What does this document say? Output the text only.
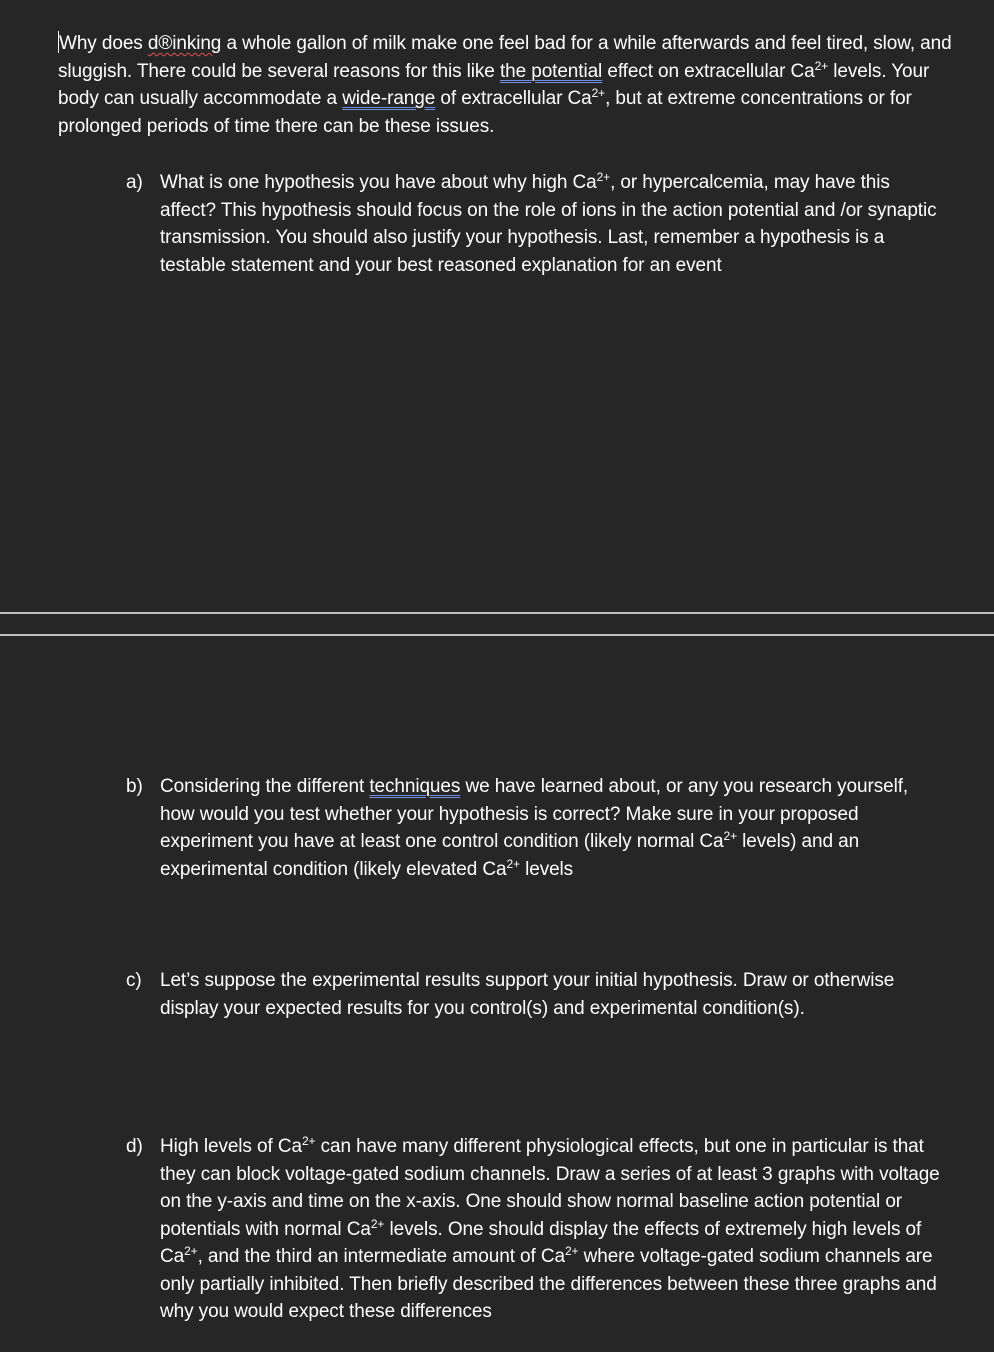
Why does d®inking a whole gallon of milk make one feel bad for a while afterwards and feel tired, slow, and sluggish. There could be several reasons for this like the potential effect on extracellular $Ca^{2+}$ levels. Your body can usually accommodate a wide-range of extracellular $Ca^{2+}$, but at extreme concentrations or for prolonged periods of time there can be these issues.
a) What is one hypothesis you have about why high $Ca^{2+}$, or hypercalcemia, may have this affect? This hypothesis should focus on the role of ions in the action potential and /or synaptic transmission. You should also justify your hypothesis. Last, remember a hypothesis is a testable statement and your best reasoned explanation for an event
b) Considering the different techniques we have learned about, or any you research yourself, how would you test whether your hypothesis is correct? Make sure in your proposed experiment you have at least one control condition (likely normal $Ca^{2+}$ levels) and an experimental condition (likely elevated $Ca^{2+}$ levels
c) Let’s suppose the experimental results support your initial hypothesis. Draw or otherwise display your expected results for you control(s) and experimental condition(s).
d) High levels of $Ca^{2+}$ can have many different physiological effects, but one in particular is that they can block voltage-gated sodium channels. Draw a series of at least 3 graphs with voltage on the y-axis and time on the x-axis. One should show normal baseline action potential or potentials with normal $Ca^{2+}$ levels. One should display the effects of extremely high levels of $Ca^{2+}$, and the third an intermediate amount of $Ca^{2+}$ where voltage-gated sodium channels are only partially inhibited. Then briefly described the differences between these three graphs and why you would expect these differences
